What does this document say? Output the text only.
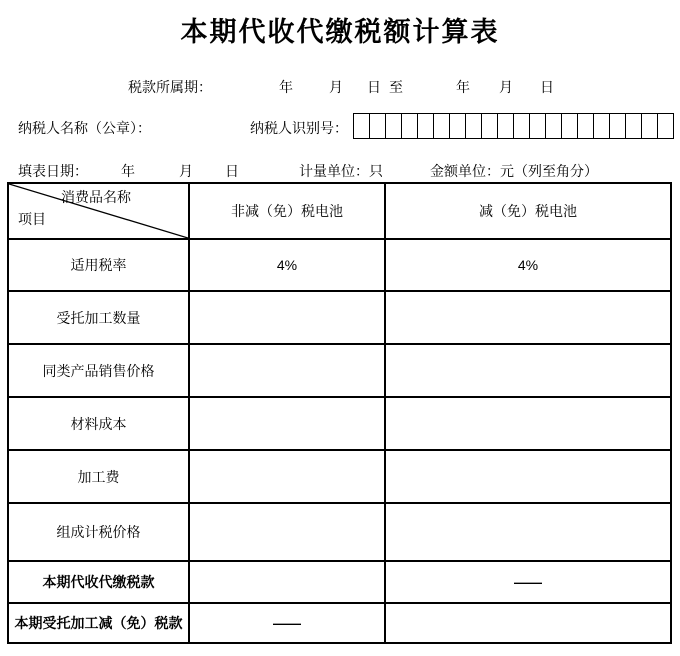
本期代收代缴税额计算表
税款所属期：	年	月 日 至	年 月 日
纳税人名称（公章）：	纳税人识别号：
填表日期： 年	月 日	计量单位：只	金额单位：元（列至角分）
消费品名称
项目	非减（免）税电池	减（免）税电池
适用税率	4%	4%
受托加工数量		
同类产品销售价格		
材料成本		
加工费		
组成计税价格		
本期代收代缴税款		——
本期受托加工减（免）税款	——	
